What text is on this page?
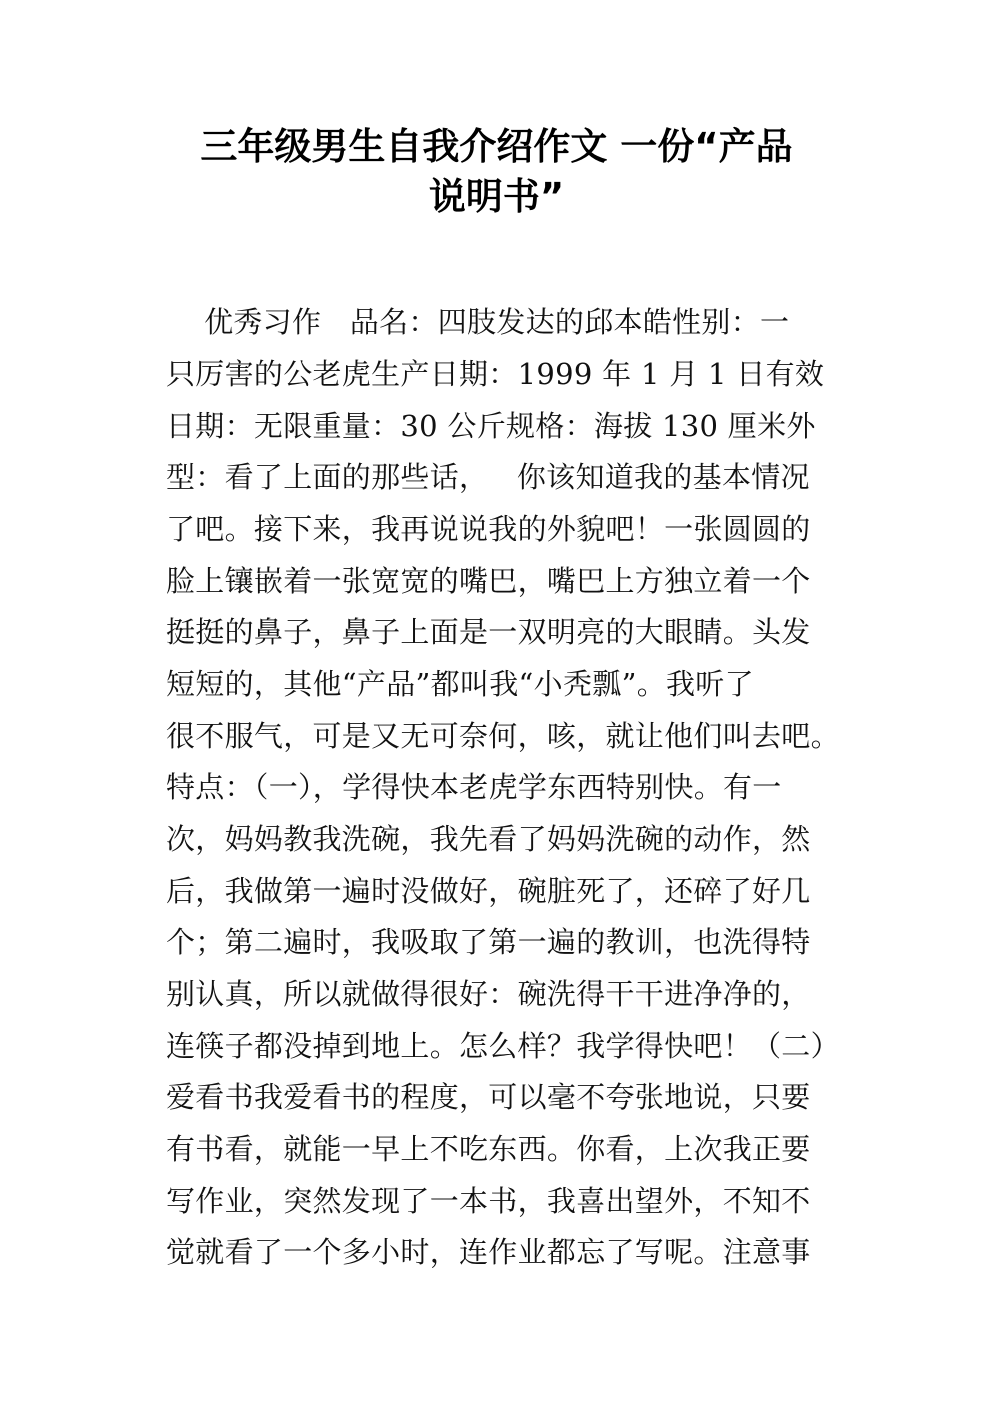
三年级男生自我介绍作文 一份“产品
说明书”
优秀习作   品名：四肢发达的邱本皓性别：一
只厉害的公老虎生产日期：1999 年 1 月 1 日有效
日期：无限重量：30 公斤规格：海拔 130 厘米外
型：看了上面的那些话，   你该知道我的基本情况
了吧。接下来，我再说说我的外貌吧！一张圆圆的
脸上镶嵌着一张宽宽的嘴巴，嘴巴上方独立着一个
挺挺的鼻子，鼻子上面是一双明亮的大眼睛。头发
短短的，其他“产品”都叫我“小秃瓢”。我听了
很不服气，可是又无可奈何，咳，就让他们叫去吧。
特点：（一），学得快本老虎学东西特别快。有一
次，妈妈教我洗碗，我先看了妈妈洗碗的动作，然
后，我做第一遍时没做好，碗脏死了，还碎了好几
个；第二遍时，我吸取了第一遍的教训，也洗得特
别认真，所以就做得很好：碗洗得干干进净净的，
连筷子都没掉到地上。怎么样？我学得快吧！（二）
爱看书我爱看书的程度，可以毫不夸张地说，只要
有书看，就能一早上不吃东西。你看，上次我正要
写作业，突然发现了一本书，我喜出望外，不知不
觉就看了一个多小时，连作业都忘了写呢。注意事
